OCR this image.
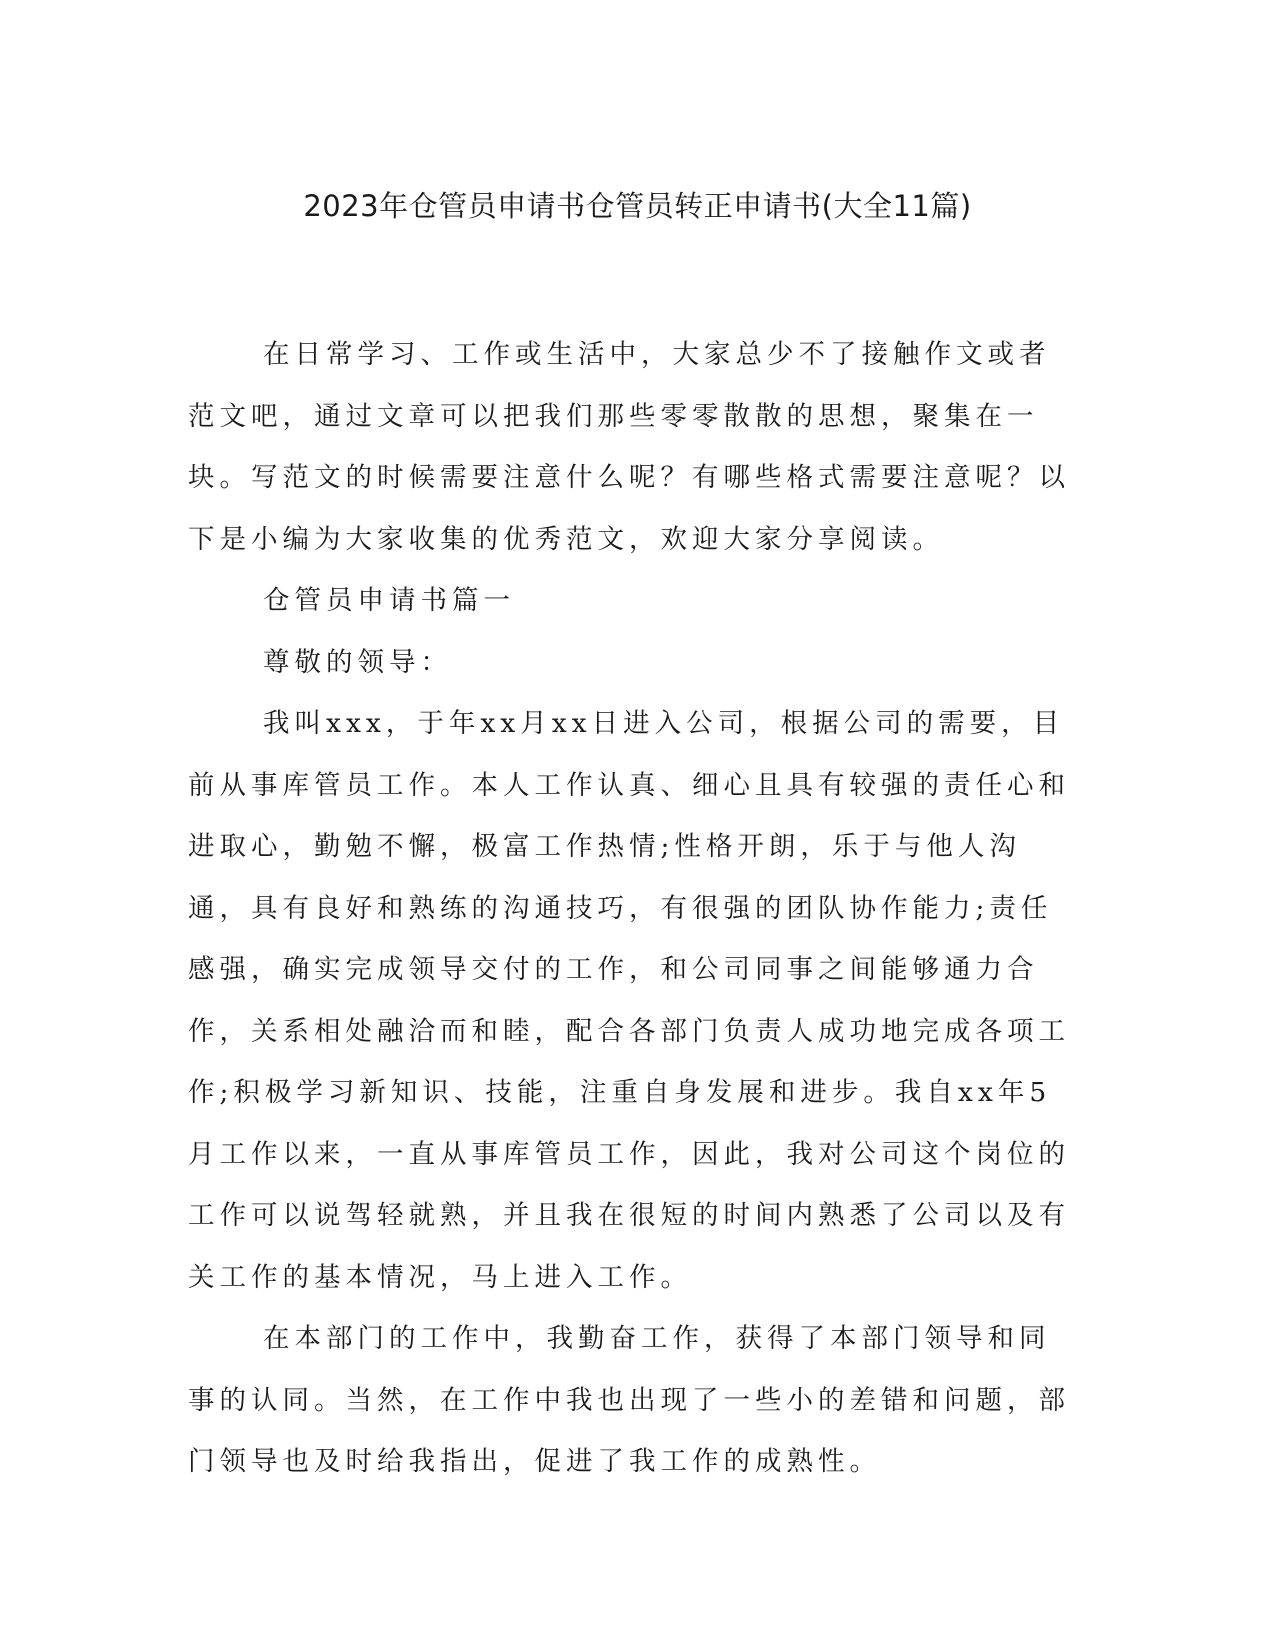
2023年仓管员申请书仓管员转正申请书(大全11篇)

在日常学习、工作或生活中，大家总少不了接触作文或者范文吧，通过文章可以把我们那些零零散散的思想，聚集在一块。写范文的时候需要注意什么呢？有哪些格式需要注意呢？以下是小编为大家收集的优秀范文，欢迎大家分享阅读。

仓管员申请书篇一

尊敬的领导：

我叫xxx，于年xx月xx日进入公司，根据公司的需要，目前从事库管员工作。本人工作认真、细心且具有较强的责任心和进取心，勤勉不懈，极富工作热情;性格开朗，乐于与他人沟通，具有良好和熟练的沟通技巧，有很强的团队协作能力;责任感强，确实完成领导交付的工作，和公司同事之间能够通力合作，关系相处融洽而和睦，配合各部门负责人成功地完成各项工作;积极学习新知识、技能，注重自身发展和进步。我自xx年5月工作以来，一直从事库管员工作，因此，我对公司这个岗位的工作可以说驾轻就熟，并且我在很短的时间内熟悉了公司以及有关工作的基本情况，马上进入工作。

在本部门的工作中，我勤奋工作，获得了本部门领导和同事的认同。当然，在工作中我也出现了一些小的差错和问题，部门领导也及时给我指出，促进了我工作的成熟性。
